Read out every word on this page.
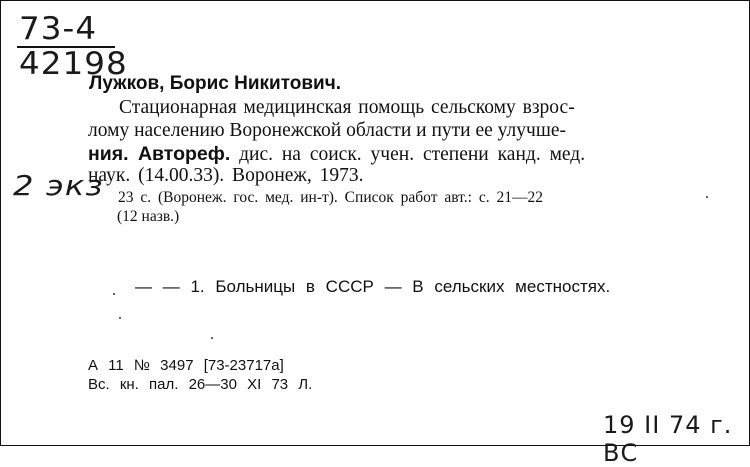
73-4
42198
2 экз
Лужков, Борис Никитович.
Стационарная медицинская помощь сельскому взрос-
лому населению Воронежской области и пути ее улучше-
ния. Автореф. дис. на соиск. учен. степени канд. мед.
наук. (14.00.33). Воронеж, 1973.
23 с. (Воронеж. гос. мед. ин-т). Список работ авт.: с. 21—22
(12 назв.)
— — 1. Больницы в СССР — В сельских местностях.
А 11 № 3497 [73-23717а]
Вс. кн. пал. 26—30 XI 73 Л.
19 II 74 г. ВС
